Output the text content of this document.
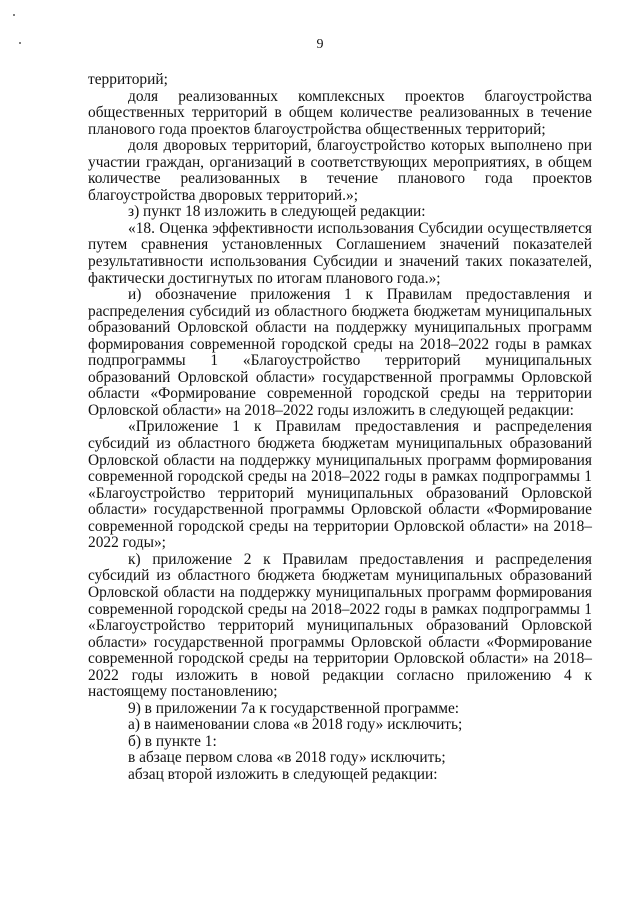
9

территорий;

доля реализованных комплексных проектов благоустройства общественных территорий в общем количестве реализованных в течение планового года проектов благоустройства общественных территорий;

доля дворовых территорий, благоустройство которых выполнено при участии граждан, организаций в соответствующих мероприятиях, в общем количестве реализованных в течение планового года проектов благоустройства дворовых территорий.»;

з) пункт 18 изложить в следующей редакции:

«18. Оценка эффективности использования Субсидии осуществляется путем сравнения установленных Соглашением значений показателей результативности использования Субсидии и значений таких показателей, фактически достигнутых по итогам планового года.»;

и) обозначение приложения 1 к Правилам предоставления и распределения субсидий из областного бюджета бюджетам муниципальных образований Орловской области на поддержку муниципальных программ формирования современной городской среды на 2018–2022 годы в рамках подпрограммы 1 «Благоустройство территорий муниципальных образований Орловской области» государственной программы Орловской области «Формирование современной городской среды на территории Орловской области» на 2018–2022 годы изложить в следующей редакции:

«Приложение 1 к Правилам предоставления и распределения субсидий из областного бюджета бюджетам муниципальных образований Орловской области на поддержку муниципальных программ формирования современной городской среды на 2018–2022 годы в рамках подпрограммы 1 «Благоустройство территорий муниципальных образований Орловской области» государственной программы Орловской области «Формирование современной городской среды на территории Орловской области» на 2018–2022 годы»;

к) приложение 2 к Правилам предоставления и распределения субсидий из областного бюджета бюджетам муниципальных образований Орловской области на поддержку муниципальных программ формирования современной городской среды на 2018–2022 годы в рамках подпрограммы 1 «Благоустройство территорий муниципальных образований Орловской области» государственной программы Орловской области «Формирование современной городской среды на территории Орловской области» на 2018–2022 годы изложить в новой редакции согласно приложению 4 к настоящему постановлению;

9) в приложении 7а к государственной программе:

а) в наименовании слова «в 2018 году» исключить;

б) в пункте 1:

в абзаце первом слова «в 2018 году» исключить;

абзац второй изложить в следующей редакции:
